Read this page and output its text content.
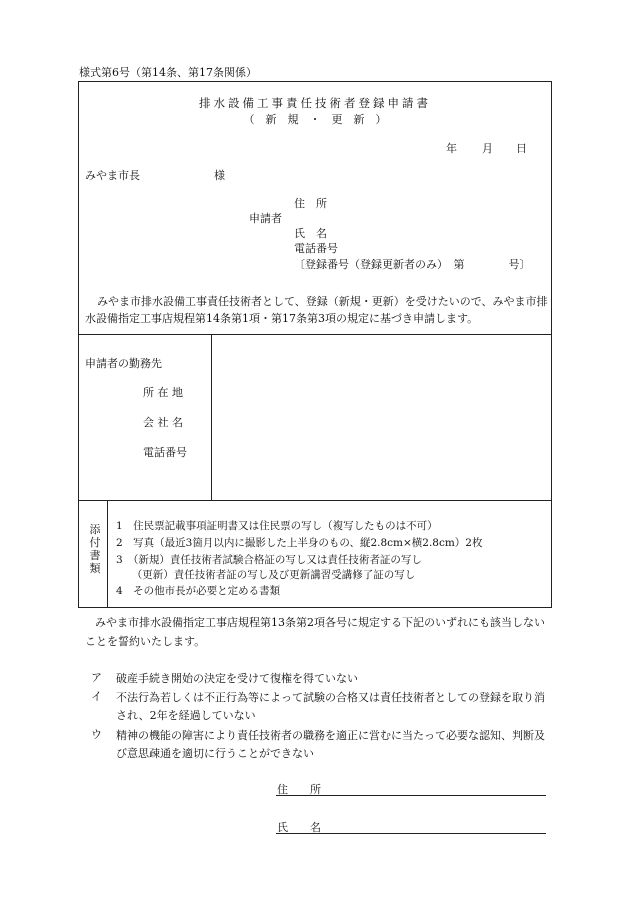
様式第6号（第14条、第17条関係）
排水設備工事責任技術者登録申請書
（　新　規　・　更　新　）
年 月 日
みやま市長	様
申請者
住　所
氏　名
電話番号
〔登録番号（登録更新者のみ）　第　　　　号〕
みやま市排水設備工事責任技術者として、登録（新規・更新）を受けたいので、みやま市排水設備指定工事店規程第14条第1項・第17条第3項の規定に基づき申請します。
申請者の勤務先
所 在 地
会 社 名
電話番号
添付書類
1　住民票記載事項証明書又は住民票の写し（複写したものは不可）
2　写真（最近3箇月以内に撮影した上半身のもの、縦2.8cm×横2.8cm）2枚
3　（新規）責任技術者試験合格証の写し又は責任技術者証の写し
　　（更新）責任技術者証の写し及び更新講習受講修了証の写し
4　その他市長が必要と定める書類
みやま市排水設備指定工事店規程第13条第2項各号に規定する下記のいずれにも該当しないことを誓約いたします。
ア 破産手続き開始の決定を受けて復権を得ていない
イ 不法行為若しくは不正行為等によって試験の合格又は責任技術者としての登録を取り消され、2年を経過していない
ウ 精神の機能の障害により責任技術者の職務を適正に営むに当たって必要な認知、判断及び意思疎通を適切に行うことができない
住　　所
氏　　名
